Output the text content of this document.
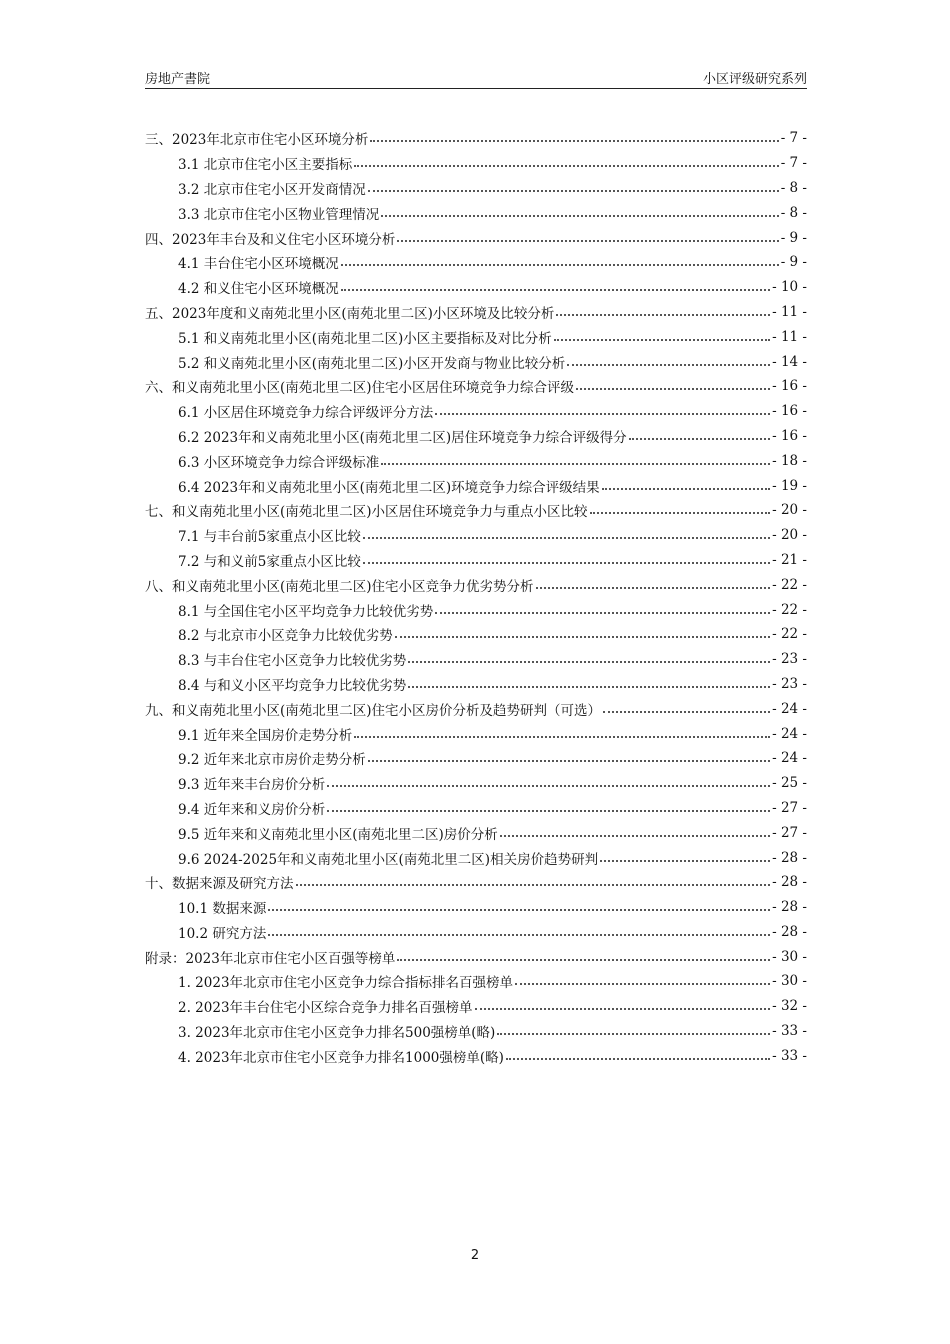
房地产書院	小区评级研究系列
三、2023年北京市住宅小区环境分析	- 7 -
3.1 北京市住宅小区主要指标	- 7 -
3.2 北京市住宅小区开发商情况	- 8 -
3.3 北京市住宅小区物业管理情况	- 8 -
四、2023年丰台及和义住宅小区环境分析	- 9 -
4.1 丰台住宅小区环境概况	- 9 -
4.2 和义住宅小区环境概况	- 10 -
五、2023年度和义南苑北里小区(南苑北里二区)小区环境及比较分析	- 11 -
5.1 和义南苑北里小区(南苑北里二区)小区主要指标及对比分析	- 11 -
5.2 和义南苑北里小区(南苑北里二区)小区开发商与物业比较分析	- 14 -
六、和义南苑北里小区(南苑北里二区)住宅小区居住环境竞争力综合评级	- 16 -
6.1 小区居住环境竞争力综合评级评分方法	- 16 -
6.2 2023年和义南苑北里小区(南苑北里二区)居住环境竞争力综合评级得分	- 16 -
6.3 小区环境竞争力综合评级标准	- 18 -
6.4 2023年和义南苑北里小区(南苑北里二区)环境竞争力综合评级结果	- 19 -
七、和义南苑北里小区(南苑北里二区)小区居住环境竞争力与重点小区比较	- 20 -
7.1 与丰台前5家重点小区比较	- 20 -
7.2 与和义前5家重点小区比较	- 21 -
八、和义南苑北里小区(南苑北里二区)住宅小区竞争力优劣势分析	- 22 -
8.1 与全国住宅小区平均竞争力比较优劣势	- 22 -
8.2 与北京市小区竞争力比较优劣势	- 22 -
8.3 与丰台住宅小区竞争力比较优劣势	- 23 -
8.4 与和义小区平均竞争力比较优劣势	- 23 -
九、和义南苑北里小区(南苑北里二区)住宅小区房价分析及趋势研判（可选）	- 24 -
9.1 近年来全国房价走势分析	- 24 -
9.2 近年来北京市房价走势分析	- 24 -
9.3 近年来丰台房价分析	- 25 -
9.4 近年来和义房价分析	- 27 -
9.5 近年来和义南苑北里小区(南苑北里二区)房价分析	- 27 -
9.6 2024-2025年和义南苑北里小区(南苑北里二区)相关房价趋势研判	- 28 -
十、数据来源及研究方法	- 28 -
10.1 数据来源	- 28 -
10.2 研究方法	- 28 -
附录：2023年北京市住宅小区百强等榜单	- 30 -
1. 2023年北京市住宅小区竞争力综合指标排名百强榜单	- 30 -
2. 2023年丰台住宅小区综合竞争力排名百强榜单	- 32 -
3. 2023年北京市住宅小区竞争力排名500强榜单(略)	- 33 -
4. 2023年北京市住宅小区竞争力排名1000强榜单(略)	- 33 -
2
